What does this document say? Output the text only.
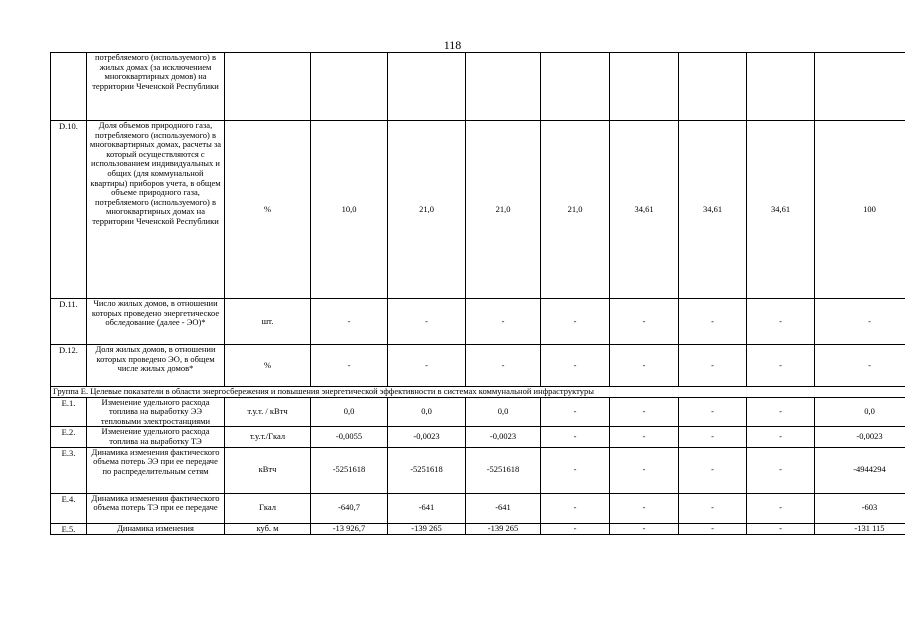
118
	потребляемого (используемого) в жилых домах (за исключением многоквартирных домов) на территории Чеченской Республики									
D.10.	Доля объемов природного газа, потребляемого (используемого) в многоквартирных домах, расчеты за который осуществляются с использованием индивидуальных и общих (для коммунальной квартиры) приборов учета, в общем объеме природного газа, потребляемого (используемого) в многоквартирных домах на территории Чеченской Республики	%	10,0	21,0	21,0	21,0	34,61	34,61	34,61	100
D.11.	Число жилых домов, в отношении которых проведено энергетическое обследование (далее - ЭО)*	шт.	-	-	-	-	-	-	-	-
D.12.	Доля жилых домов, в отношении которых проведено ЭО, в общем числе жилых домов*	%	-	-	-	-	-	-	-	-
Группа E. Целевые показатели в области энергосбережения и повышения энергетической эффективности в системах коммунальной инфраструктуры										
E.1.	Изменение удельного расхода топлива на выработку ЭЭ тепловыми электростанциями	т.у.т. / кВтч	0,0	0,0	0,0	-	-	-	-	0,0
E.2.	Изменение удельного расхода топлива на выработку ТЭ	т.у.т./Гкал	-0,0055	-0,0023	-0,0023	-	-	-	-	-0,0023
E.3.	Динамика изменения фактического объема потерь ЭЭ при ее передаче по распределительным сетям	кВтч	-5251618	-5251618	-5251618	-	-	-	-	-4944294
E.4.	Динамика изменения фактического объема потерь ТЭ при ее передаче	Гкал	-640,7	-641	-641	-	-	-	-	-603
E.5.	Динамика изменения	куб. м	-13 926,7	-139 265	-139 265	-	-	-	-	-131 115
